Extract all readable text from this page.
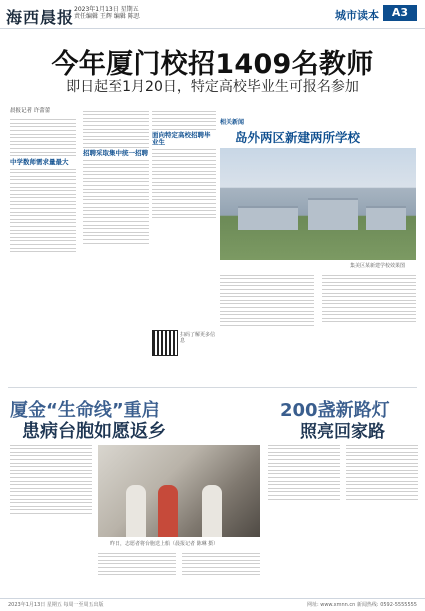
海西晨报 2023年1月13日 星期五
责任编辑 王辉 编辑 陈思	城市读本	A3
今年厦门校招1409名教师
即日起至1月20日，特定高校毕业生可报名参加
晨报记者 许蕾蕾
中学数师需求量最大
招聘采取集中统一招聘
面向特定高校招聘毕业生
扫码了解更多信息
相关新闻
岛外两区新建两所学校
集美区某新建学校效果图
厦金“生命线”重启
患病台胞如愿返乡
昨日，志愿者将台胞送上船（晨报记者 陈琳 摄）
200盏新路灯
照亮回家路
2023年1月13日 星期五 每周一至周五出版	网址: www.xmnn.cn 新闻热线: 0592-5555555
